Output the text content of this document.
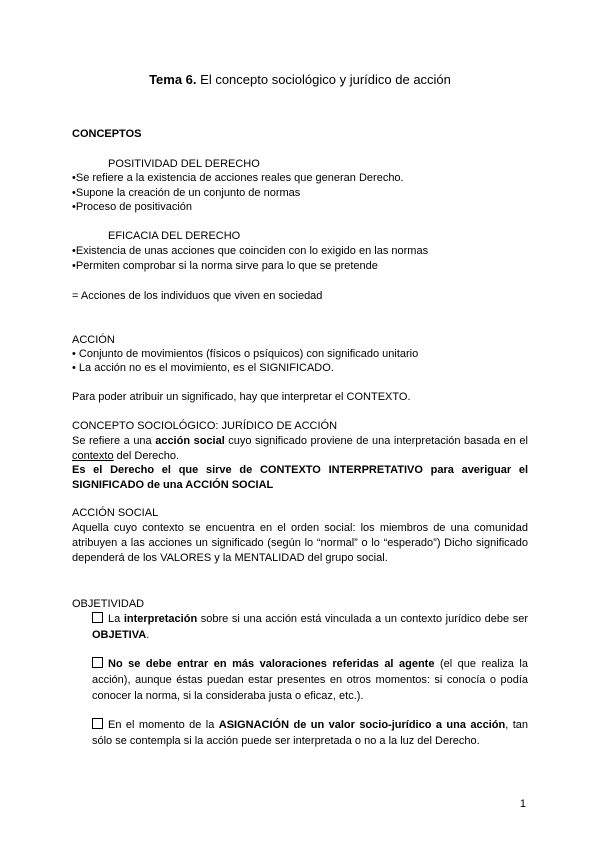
Tema 6. El concepto sociológico y jurídico de acción
CONCEPTOS
POSITIVIDAD DEL DERECHO
•Se refiere a la existencia de acciones reales que generan Derecho.
•Supone la creación de un conjunto de normas
•Proceso de positivación
EFICACIA DEL DERECHO
•Existencia de unas acciones que coinciden con lo exigido en las normas
•Permiten comprobar si la norma sirve para lo que se pretende
= Acciones de los individuos que viven en sociedad
ACCIÓN
• Conjunto de movimientos (físicos o psíquicos) con significado unitario
• La acción no es el movimiento, es el SIGNIFICADO.
Para poder atribuir un significado, hay que interpretar el CONTEXTO.
CONCEPTO SOCIOLÓGICO: JURÍDICO DE ACCIÓN
Se refiere a una acción social cuyo significado proviene de una interpretación basada en el contexto del Derecho.
Es el Derecho el que sirve de CONTEXTO INTERPRETATIVO para averiguar el SIGNIFICADO de una ACCIÓN SOCIAL
ACCIÓN SOCIAL
Aquella cuyo contexto se encuentra en el orden social: los miembros de una comunidad atribuyen a las acciones un significado (según lo “normal” o lo “esperado”) Dicho significado dependerá de los VALORES y la MENTALIDAD del grupo social.
OBJETIVIDAD
La interpretación sobre si una acción está vinculada a un contexto jurídico debe ser OBJETIVA.
No se debe entrar en más valoraciones referidas al agente (el que realiza la acción), aunque éstas puedan estar presentes en otros momentos: si conocía o podía conocer la norma, si la consideraba justa o eficaz, etc.).
En el momento de la ASIGNACIÓN de un valor socio-jurídico a una acción, tan sólo se contempla si la acción puede ser interpretada o no a la luz del Derecho.
1
